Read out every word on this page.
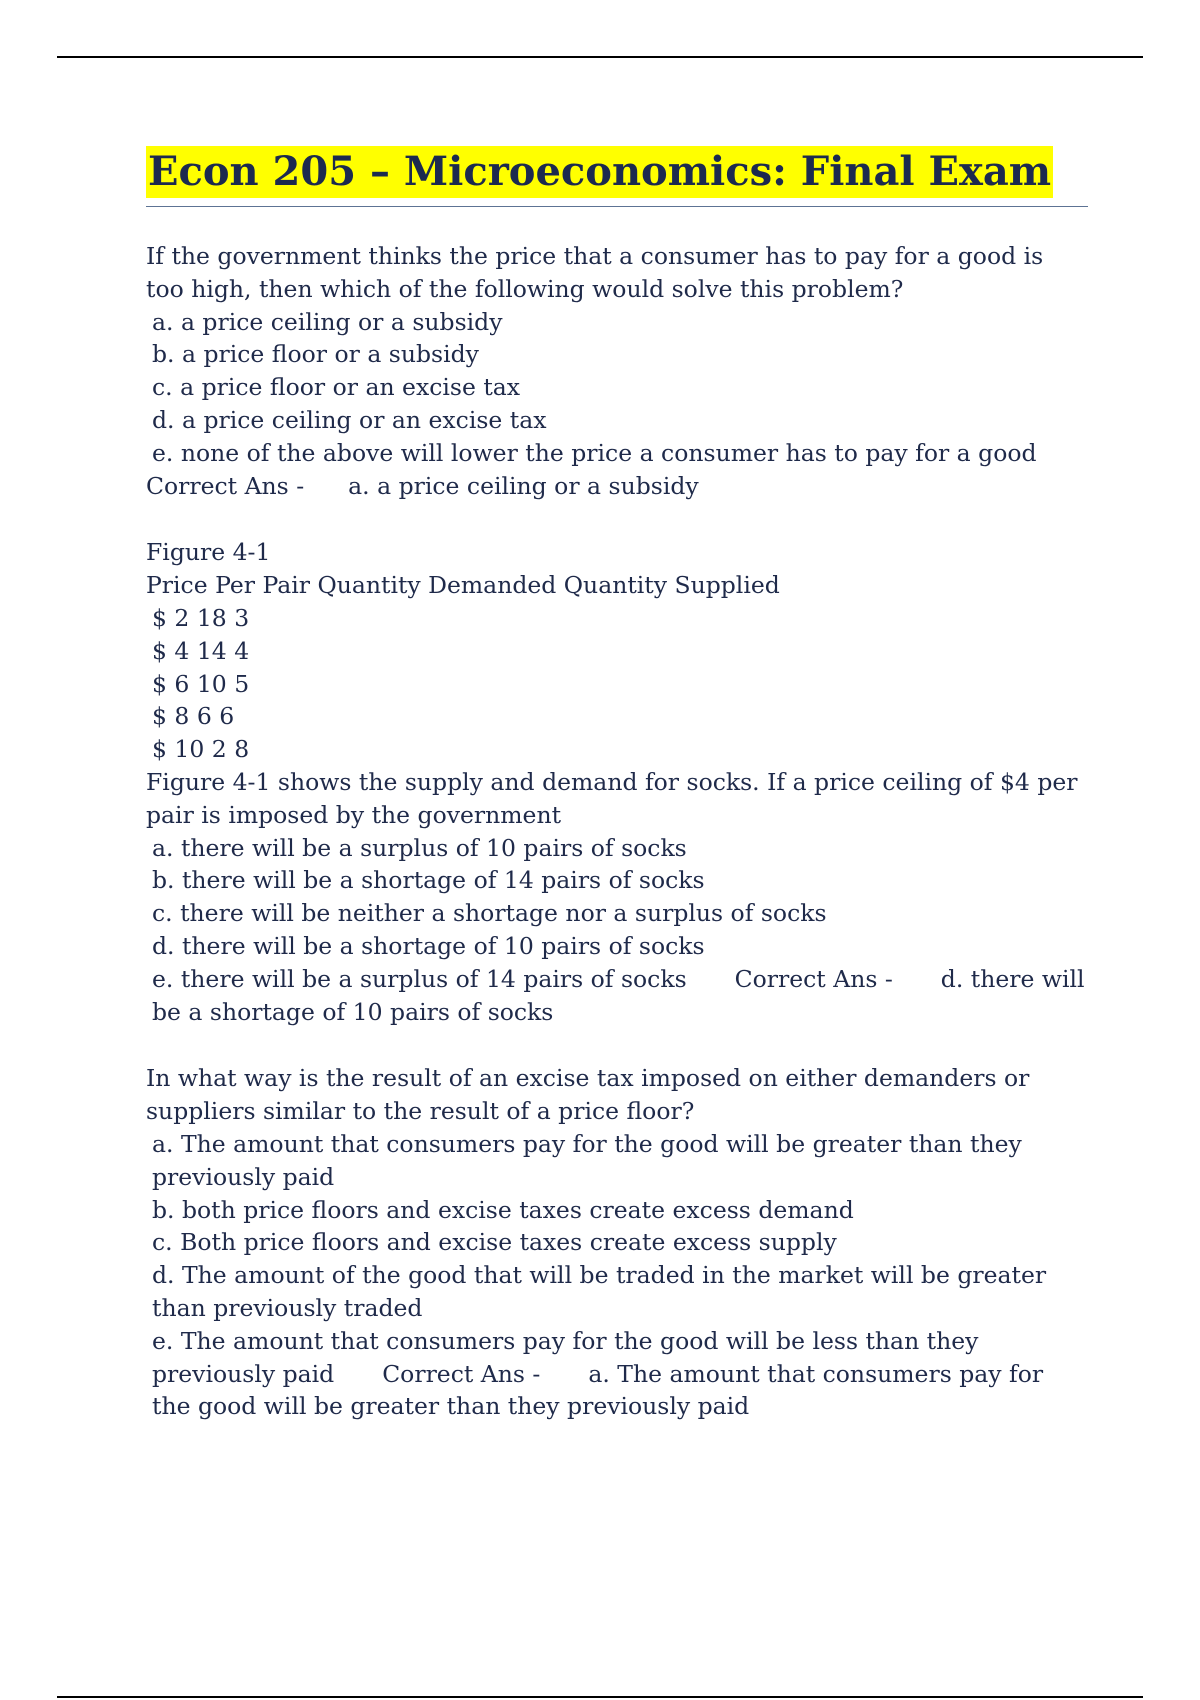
Econ 205 – Microeconomics: Final Exam
If the government thinks the price that a consumer has to pay for a good is too high, then which of the following would solve this problem?
a. a price ceiling or a subsidy
b. a price floor or a subsidy
c. a price floor or an excise tax
d. a price ceiling or an excise tax
e. none of the above will lower the price a consumer has to pay for a good
Correct Ans - a. a price ceiling or a subsidy
Figure 4-1
Price Per Pair Quantity Demanded Quantity Supplied
$ 2 18 3
$ 4 14 4
$ 6 10 5
$ 8 6 6
$ 10 2 8
Figure 4-1 shows the supply and demand for socks. If a price ceiling of $4 per pair is imposed by the government
a. there will be a surplus of 10 pairs of socks
b. there will be a shortage of 14 pairs of socks
c. there will be neither a shortage nor a surplus of socks
d. there will be a shortage of 10 pairs of socks
e. there will be a surplus of 14 pairs of socks Correct Ans - d. there will be a shortage of 10 pairs of socks
In what way is the result of an excise tax imposed on either demanders or suppliers similar to the result of a price floor?
a. The amount that consumers pay for the good will be greater than they previously paid
b. both price floors and excise taxes create excess demand
c. Both price floors and excise taxes create excess supply
d. The amount of the good that will be traded in the market will be greater than previously traded
e. The amount that consumers pay for the good will be less than they previously paid Correct Ans - a. The amount that consumers pay for the good will be greater than they previously paid
